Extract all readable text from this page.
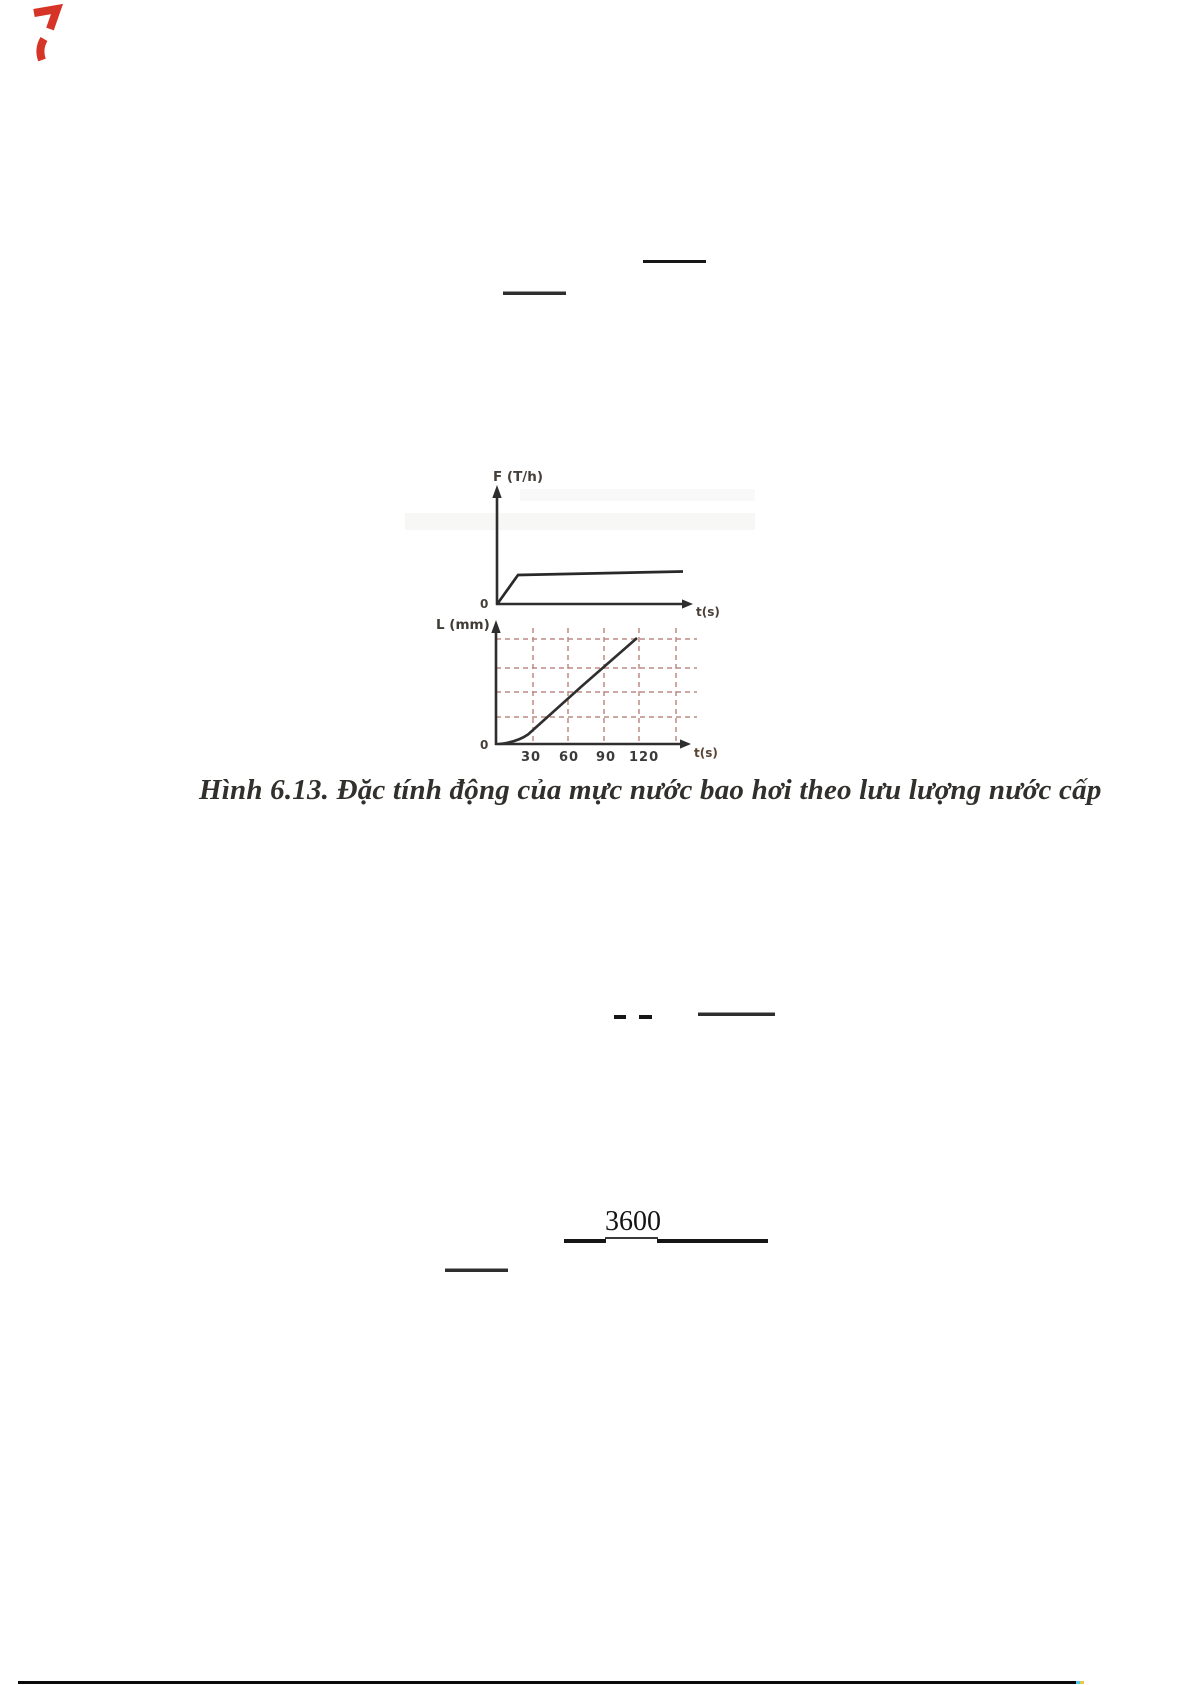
F (T/h)
0
t(s)
L (mm)
0
t(s)
30 60 90 120
Hình 6.13. Đặc tính động của mực nước bao hơi theo lưu lượng nước cấp
3600
